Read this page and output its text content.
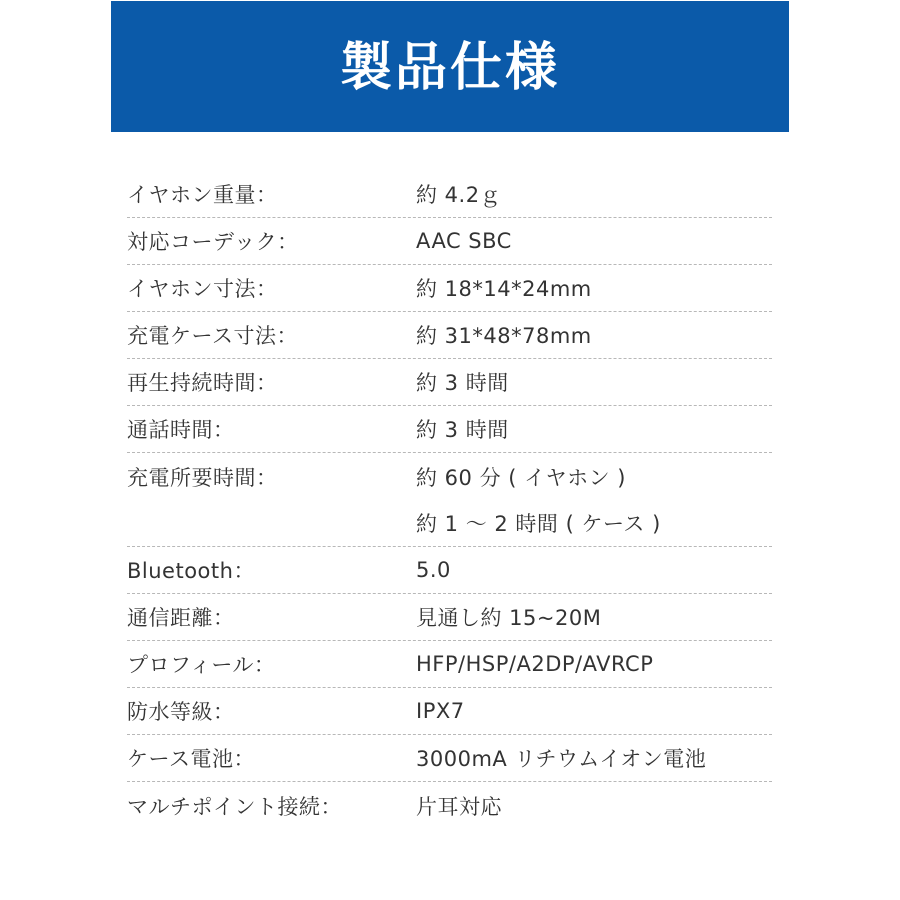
製品仕様
イヤホン重量：	約 4.2ｇ
対応コーデック：	AAC SBC
イヤホン寸法：	約 18*14*24mm
充電ケース寸法：	約 31*48*78mm
再生持続時間：	約 3 時間
通話時間：	約 3 時間
充電所要時間：	約 60 分 ( イヤホン )
約 1 ～ 2 時間 ( ケース )
Bluetooth：	5.0
通信距離：	見通し約 15~20M
プロフィール：	HFP/HSP/A2DP/AVRCP
防水等級：	IPX7
ケース電池：	3000mA リチウムイオン電池
マルチポイント接続：	片耳対応
